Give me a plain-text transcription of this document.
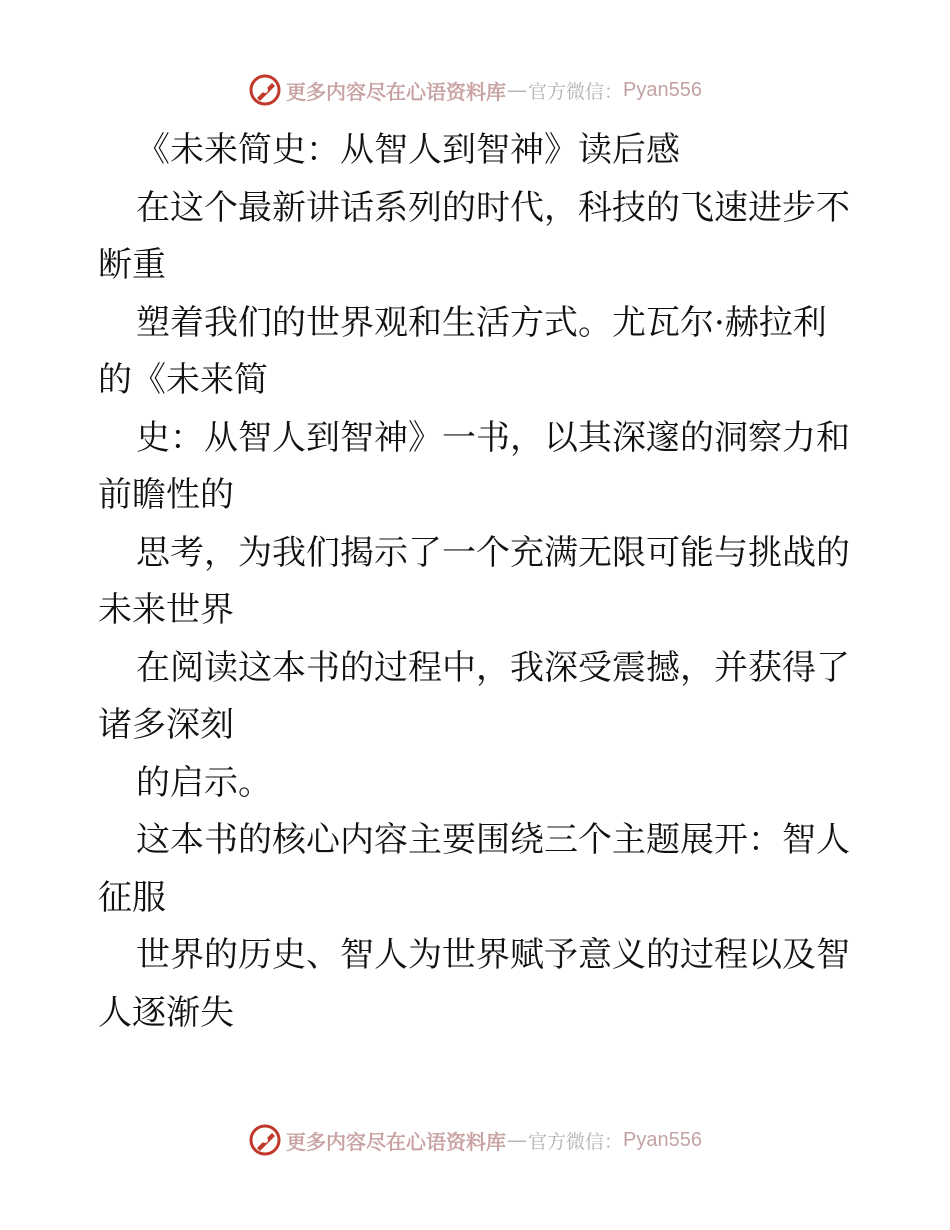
更多内容尽在心语资料库 — 官方微信： Pyan556
《未来简史：从智人到智神》读后感
在这个最新讲话系列的时代，科技的飞速进步不
断重
塑着我们的世界观和生活方式。尤瓦尔·赫拉利
的《未来简
史：从智人到智神》一书，以其深邃的洞察力和
前瞻性的
思考，为我们揭示了一个充满无限可能与挑战的
未来世界
在阅读这本书的过程中，我深受震撼，并获得了
诸多深刻
的启示。
这本书的核心内容主要围绕三个主题展开：智人
征服
世界的历史、智人为世界赋予意义的过程以及智
人逐渐失
更多内容尽在心语资料库 — 官方微信： Pyan556
